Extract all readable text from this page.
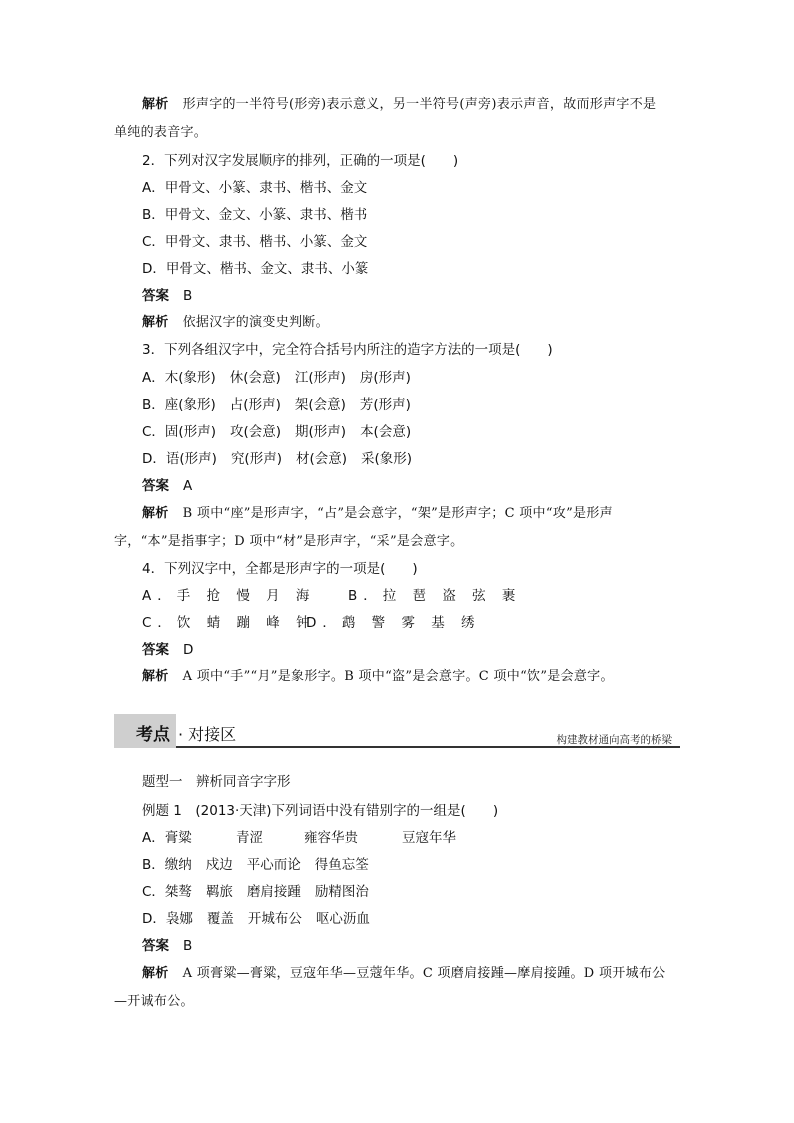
解析 形声字的一半符号(形旁)表示意义，另一半符号(声旁)表示声音，故而形声字不是
单纯的表音字。
2．下列对汉字发展顺序的排列，正确的一项是(　　)
A．甲骨文、小篆、隶书、楷书、金文
B．甲骨文、金文、小篆、隶书、楷书
C．甲骨文、隶书、楷书、小篆、金文
D．甲骨文、楷书、金文、隶书、小篆
答案 B
解析 依据汉字的演变史判断。
3．下列各组汉字中，完全符合括号内所注的造字方法的一项是(　　)
A．木(象形) 休(会意) 江(形声) 房(形声)
B．座(象形) 占(形声) 架(会意) 芳(形声)
C．固(形声) 攻(会意) 期(形声) 本(会意)
D．语(形声) 究(形声) 材(会意) 采(象形)
答案 A
解析 B 项中“座”是形声字，“占”是会意字，“架”是形声字；C 项中“攻”是形声
字，“本”是指事字；D 项中“材”是形声字，“采”是会意字。
4．下列汉字中，全都是形声字的一项是(　　)
A．手 抢 慢 月 海 B．拉 琶 盗 弦 裹
C．饮 蜻 蹦 峰 钟D．鹉 警 雾 基 绣
答案 D
解析 A 项中“手”“月”是象形字。B 项中“盗”是会意字。C 项中“饮”是会意字。
考点 · 对接区	构建教材通向高考的桥梁
题型一　辨析同音字字形
例题 1　(2013·天津)下列词语中没有错别字的一组是(　　)
A．膏粱	青涩	雍容华贵	豆寇年华
B．缴纳 戍边 平心而论 得鱼忘筌
C．桀骜 羁旅 磨肩接踵 励精图治
D．袅娜 覆盖 开城布公 呕心沥血
答案 B
解析 A 项膏粱—膏粱，豆寇年华—豆蔻年华。C 项磨肩接踵—摩肩接踵。D 项开城布公
—开诚布公。
